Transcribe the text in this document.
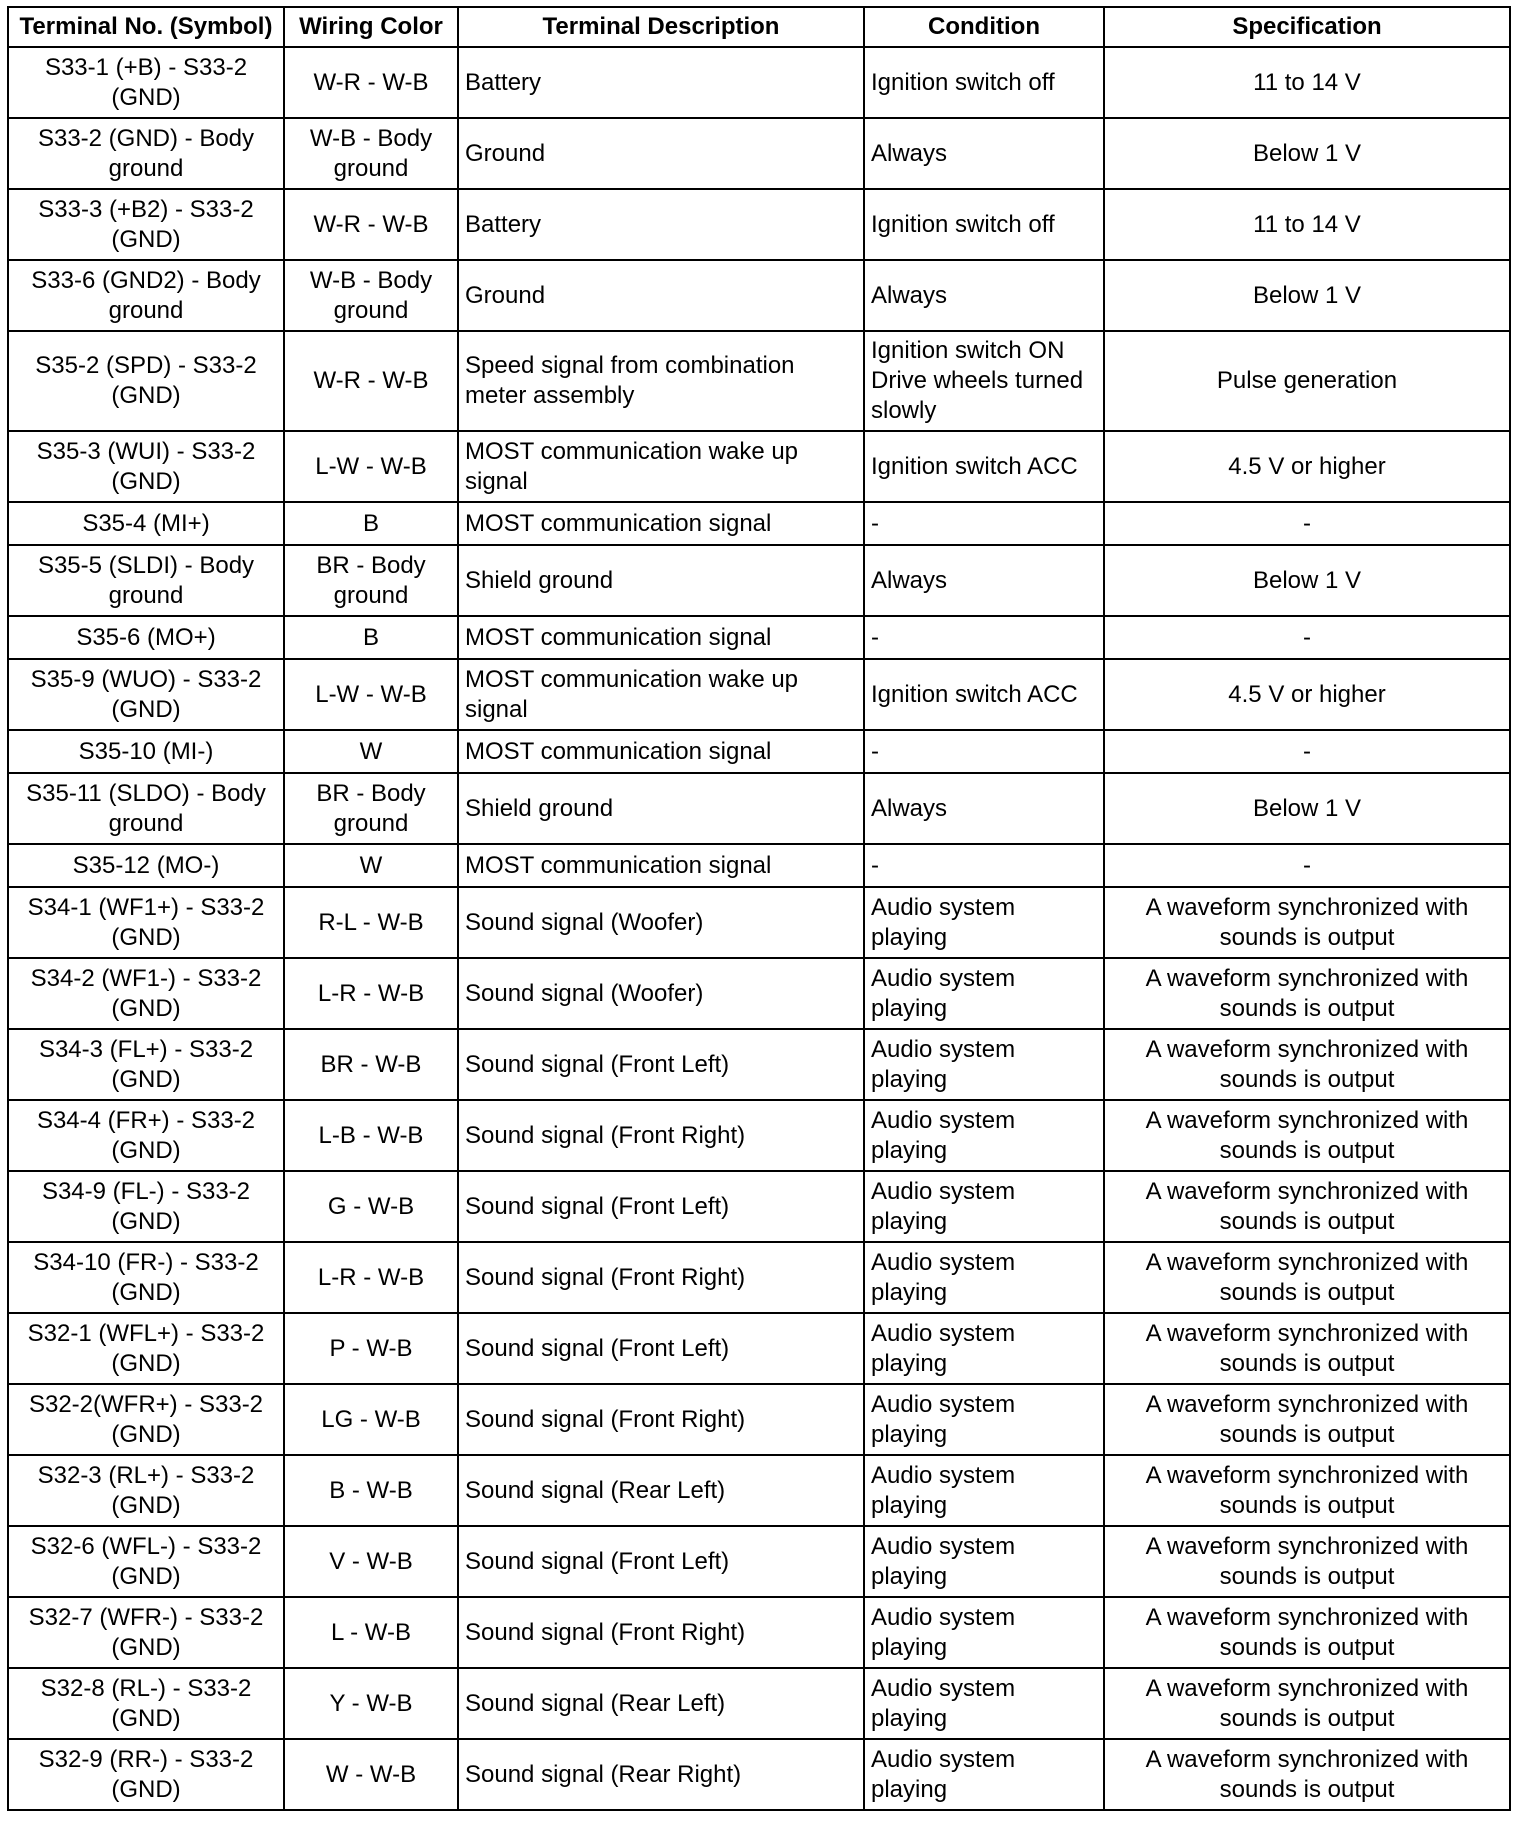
Terminal No. (Symbol)	Wiring Color	Terminal Description	Condition	Specification
S33-1 (+B) - S33-2 (GND)	W-R - W-B	Battery	Ignition switch off	11 to 14 V
S33-2 (GND) - Body ground	W-B - Body ground	Ground	Always	Below 1 V
S33-3 (+B2) - S33-2 (GND)	W-R - W-B	Battery	Ignition switch off	11 to 14 V
S33-6 (GND2) - Body ground	W-B - Body ground	Ground	Always	Below 1 V
S35-2 (SPD) - S33-2 (GND)	W-R - W-B	Speed signal from combination meter assembly	Ignition switch ON Drive wheels turned slowly	Pulse generation
S35-3 (WUI) - S33-2 (GND)	L-W - W-B	MOST communication wake up signal	Ignition switch ACC	4.5 V or higher
S35-4 (MI+)	B	MOST communication signal	-	-
S35-5 (SLDI) - Body ground	BR - Body ground	Shield ground	Always	Below 1 V
S35-6 (MO+)	B	MOST communication signal	-	-
S35-9 (WUO) - S33-2 (GND)	L-W - W-B	MOST communication wake up signal	Ignition switch ACC	4.5 V or higher
S35-10 (MI-)	W	MOST communication signal	-	-
S35-11 (SLDO) - Body ground	BR - Body ground	Shield ground	Always	Below 1 V
S35-12 (MO-)	W	MOST communication signal	-	-
S34-1 (WF1+) - S33-2 (GND)	R-L - W-B	Sound signal (Woofer)	Audio system playing	A waveform synchronized with sounds is output
S34-2 (WF1-) - S33-2 (GND)	L-R - W-B	Sound signal (Woofer)	Audio system playing	A waveform synchronized with sounds is output
S34-3 (FL+) - S33-2 (GND)	BR - W-B	Sound signal (Front Left)	Audio system playing	A waveform synchronized with sounds is output
S34-4 (FR+) - S33-2 (GND)	L-B - W-B	Sound signal (Front Right)	Audio system playing	A waveform synchronized with sounds is output
S34-9 (FL-) - S33-2 (GND)	G - W-B	Sound signal (Front Left)	Audio system playing	A waveform synchronized with sounds is output
S34-10 (FR-) - S33-2 (GND)	L-R - W-B	Sound signal (Front Right)	Audio system playing	A waveform synchronized with sounds is output
S32-1 (WFL+) - S33-2 (GND)	P - W-B	Sound signal (Front Left)	Audio system playing	A waveform synchronized with sounds is output
S32-2(WFR+) - S33-2 (GND)	LG - W-B	Sound signal (Front Right)	Audio system playing	A waveform synchronized with sounds is output
S32-3 (RL+) - S33-2 (GND)	B - W-B	Sound signal (Rear Left)	Audio system playing	A waveform synchronized with sounds is output
S32-6 (WFL-) - S33-2 (GND)	V - W-B	Sound signal (Front Left)	Audio system playing	A waveform synchronized with sounds is output
S32-7 (WFR-) - S33-2 (GND)	L - W-B	Sound signal (Front Right)	Audio system playing	A waveform synchronized with sounds is output
S32-8 (RL-) - S33-2 (GND)	Y - W-B	Sound signal (Rear Left)	Audio system playing	A waveform synchronized with sounds is output
S32-9 (RR-) - S33-2 (GND)	W - W-B	Sound signal (Rear Right)	Audio system playing	A waveform synchronized with sounds is output
